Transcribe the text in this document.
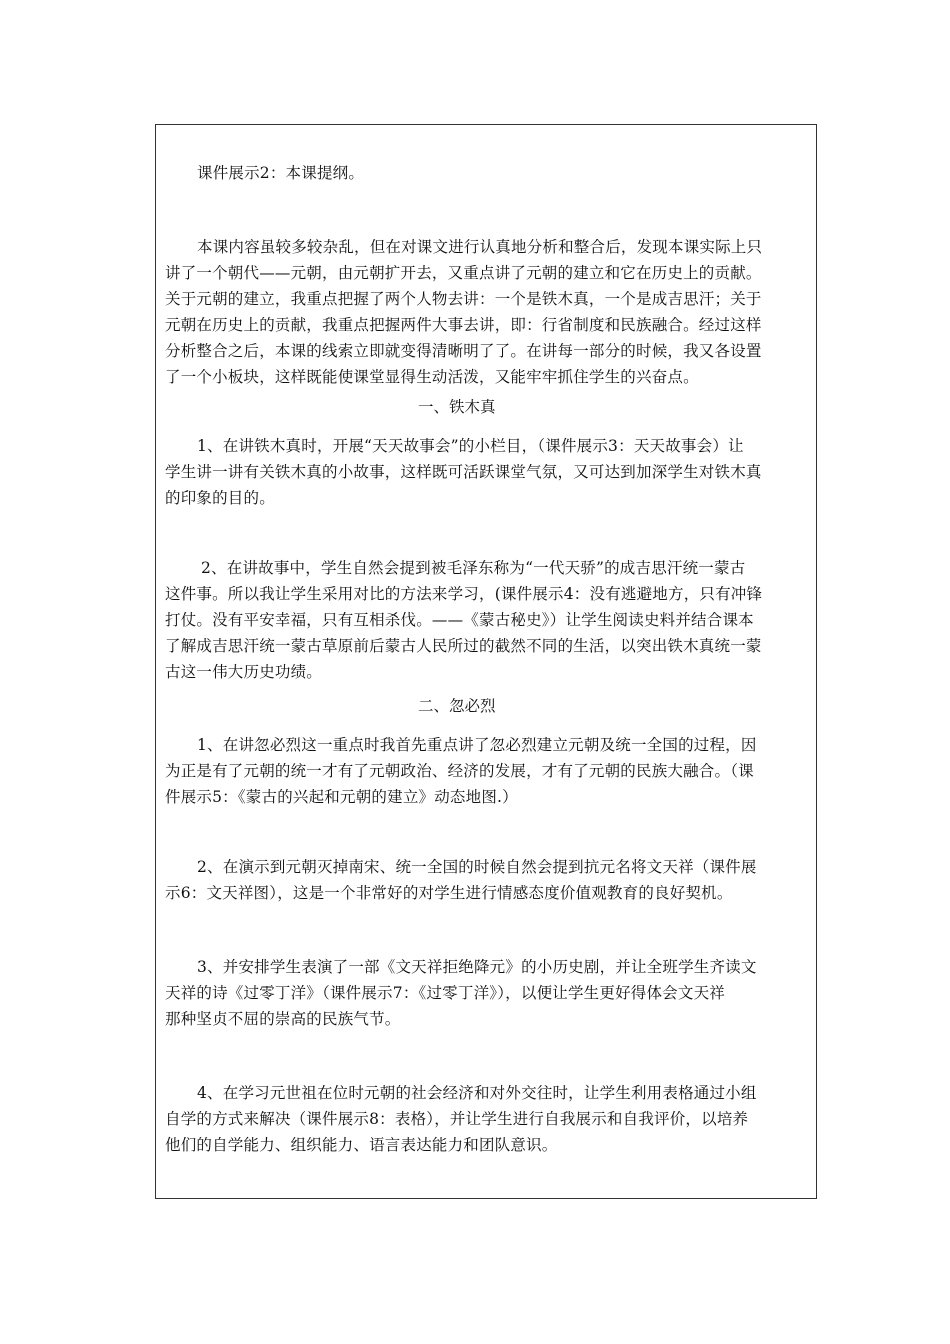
课件展示2：本课提纲。
本课内容虽较多较杂乱，但在对课文进行认真地分析和整合后，发现本课实际上只
讲了一个朝代——元朝，由元朝扩开去，又重点讲了元朝的建立和它在历史上的贡献。
关于元朝的建立，我重点把握了两个人物去讲：一个是铁木真，一个是成吉思汗；关于
元朝在历史上的贡献，我重点把握两件大事去讲，即：行省制度和民族融合。经过这样
分析整合之后，本课的线索立即就变得清晰明了了。在讲每一部分的时候，我又各设置
了一个小板块，这样既能使课堂显得生动活泼，又能牢牢抓住学生的兴奋点。
一、铁木真
1、在讲铁木真时，开展“天天故事会”的小栏目，（课件展示3：天天故事会）让
学生讲一讲有关铁木真的小故事，这样既可活跃课堂气氛，又可达到加深学生对铁木真
的印象的目的。
2、在讲故事中，学生自然会提到被毛泽东称为“一代天骄”的成吉思汗统一蒙古
这件事。所以我让学生采用对比的方法来学习，(课件展示4：没有逃避地方，只有冲锋
打仗。没有平安幸福，只有互相杀伐。——《蒙古秘史》）让学生阅读史料并结合课本
了解成吉思汗统一蒙古草原前后蒙古人民所过的截然不同的生活，以突出铁木真统一蒙
古这一伟大历史功绩。
二、忽必烈
1、在讲忽必烈这一重点时我首先重点讲了忽必烈建立元朝及统一全国的过程，因
为正是有了元朝的统一才有了元朝政治、经济的发展，才有了元朝的民族大融合。（课
件展示5：《蒙古的兴起和元朝的建立》动态地图.）
2、在演示到元朝灭掉南宋、统一全国的时候自然会提到抗元名将文天祥（课件展
示6：文天祥图），这是一个非常好的对学生进行情感态度价值观教育的良好契机。
3、并安排学生表演了一部《文天祥拒绝降元》的小历史剧，并让全班学生齐读文
天祥的诗《过零丁洋》（课件展示7：《过零丁洋》），以便让学生更好得体会文天祥
那种坚贞不屈的崇高的民族气节。
4、在学习元世祖在位时元朝的社会经济和对外交往时，让学生利用表格通过小组
自学的方式来解决（课件展示8：表格），并让学生进行自我展示和自我评价，以培养
他们的自学能力、组织能力、语言表达能力和团队意识。
